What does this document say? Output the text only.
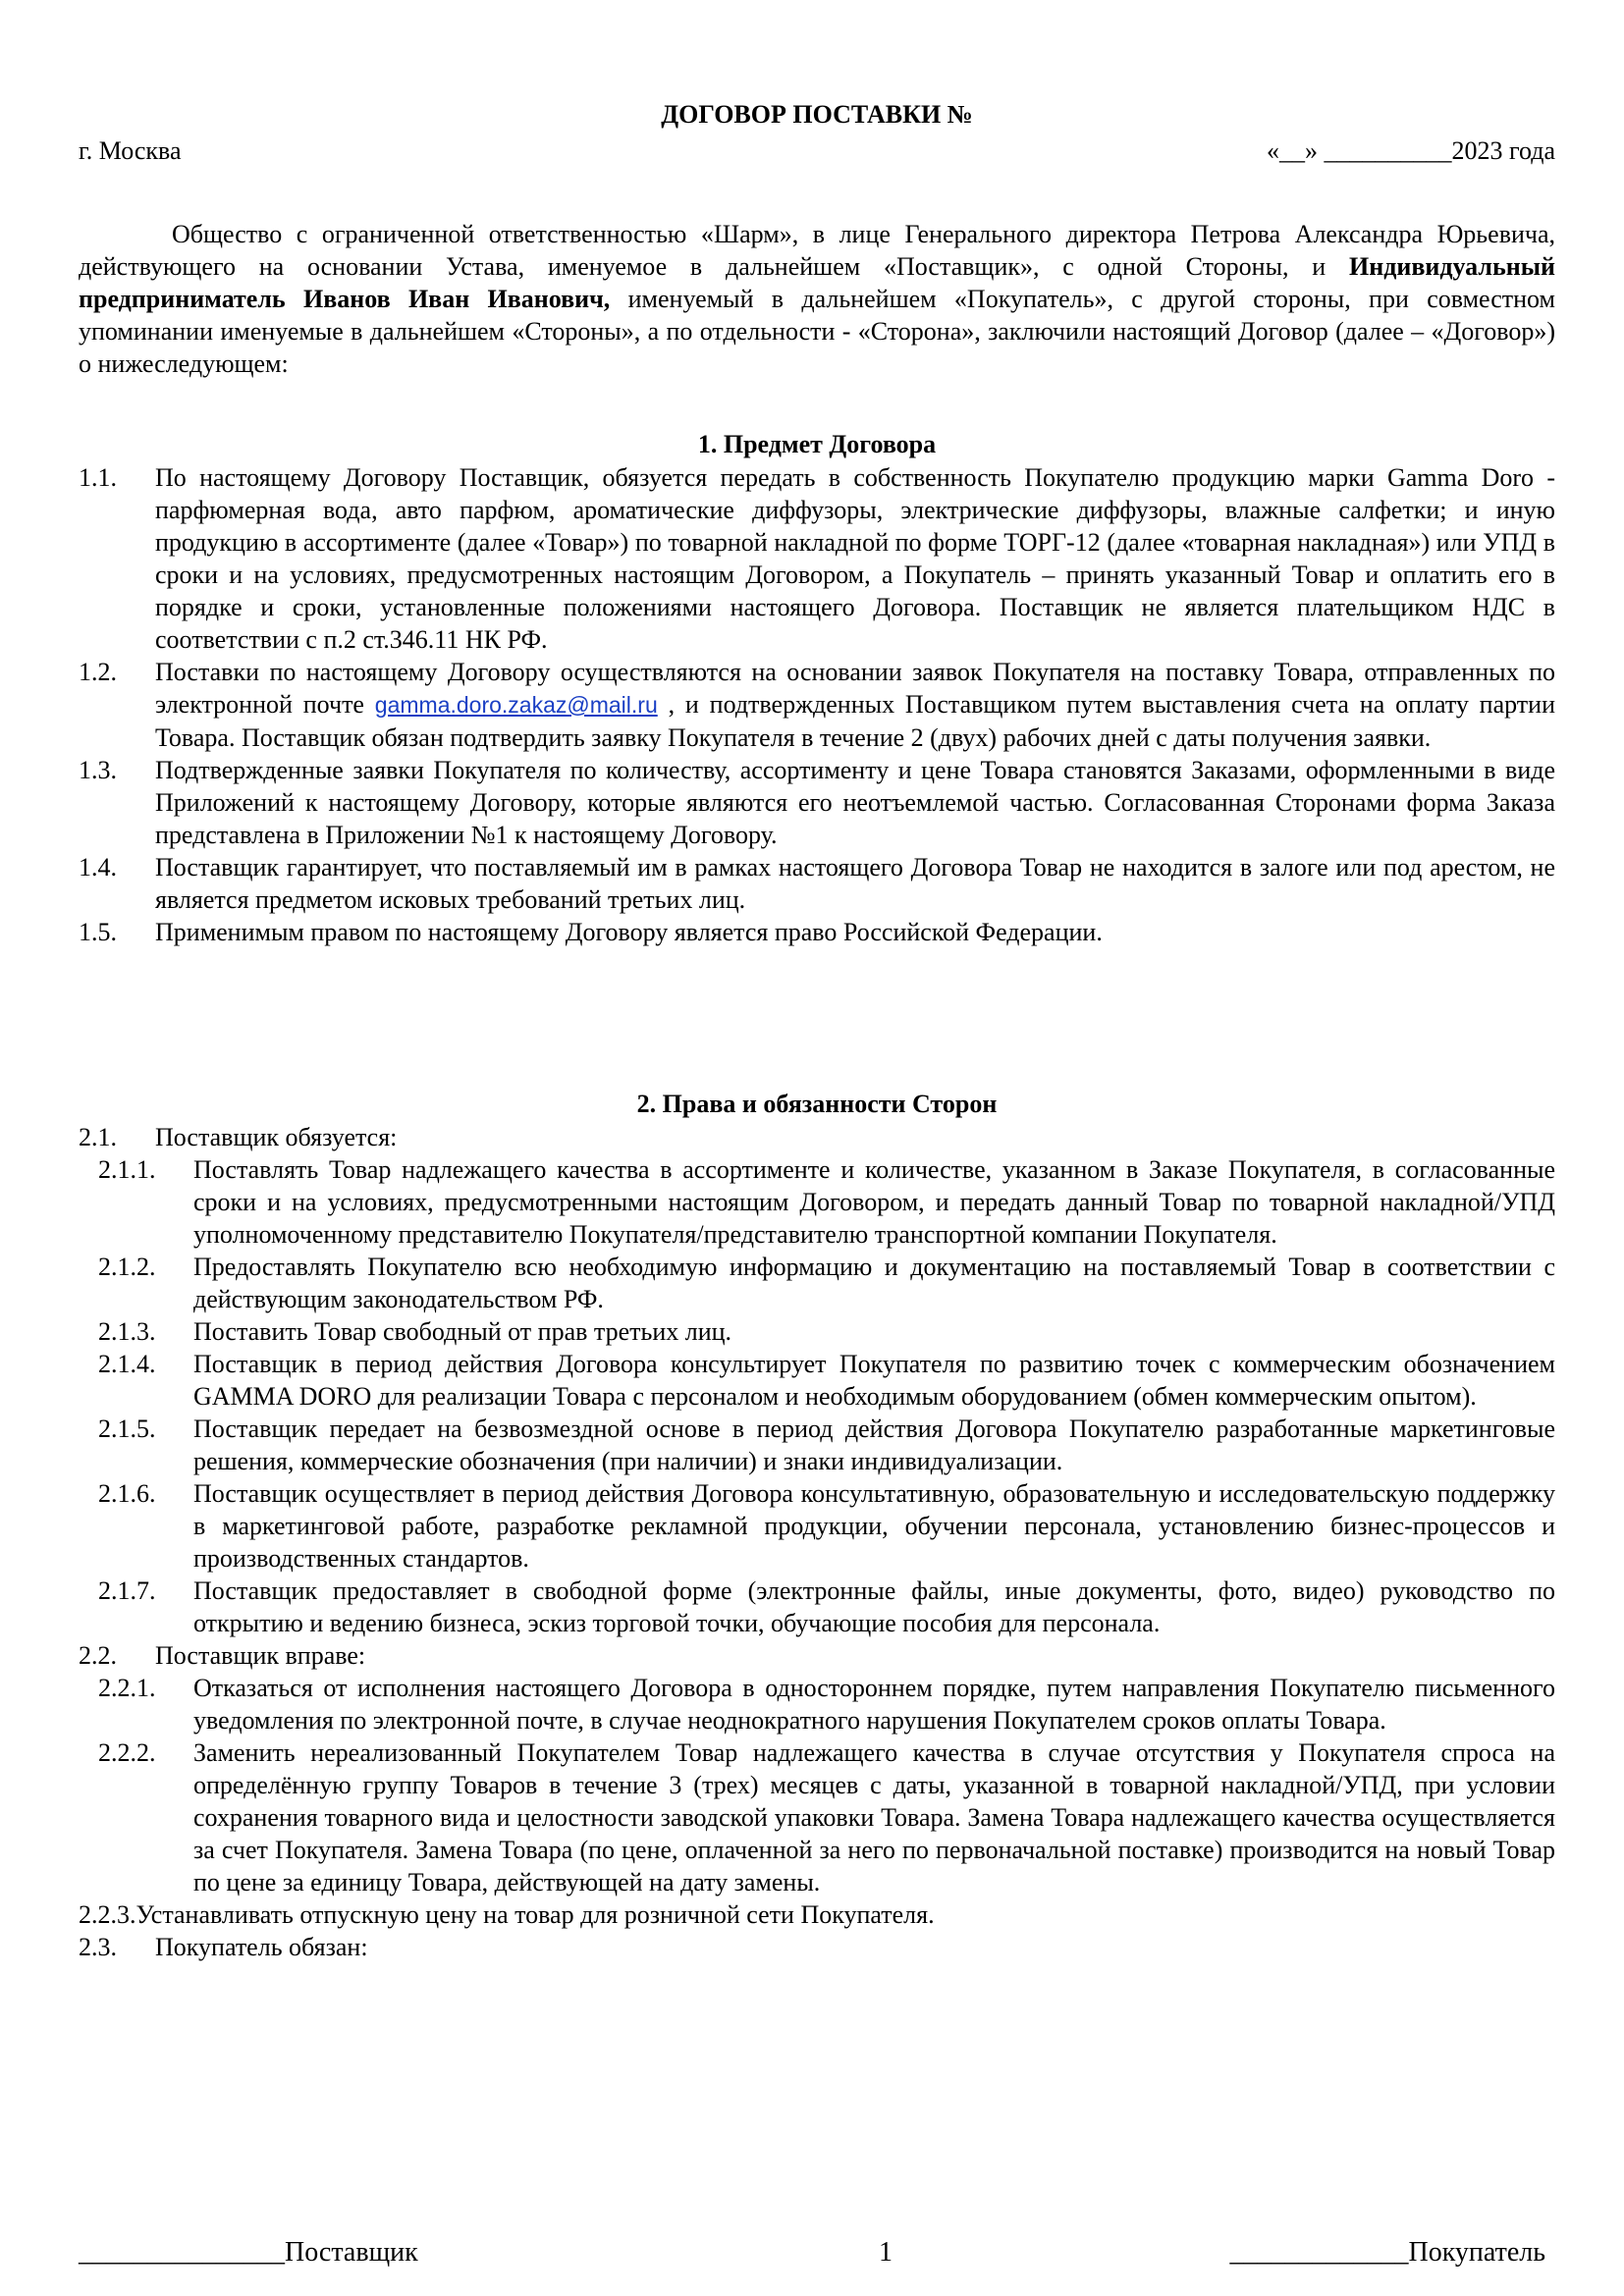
ДОГОВОР ПОСТАВКИ №
г. Москва	«__» __________2023 года
Общество с ограниченной ответственностью «Шарм», в лице Генерального директора Петрова Александра Юрьевича, действующего на основании Устава, именуемое в дальнейшем «Поставщик», с одной Стороны, и Индивидуальный предприниматель Иванов Иван Иванович, именуемый в дальнейшем «Покупатель», с другой стороны, при совместном упоминании именуемые в дальнейшем «Стороны», а по отдельности - «Сторона», заключили настоящий Договор (далее – «Договор») о нижеследующем:
1. Предмет Договора
1.1.	По настоящему Договору Поставщик, обязуется передать в собственность Покупателю продукцию марки Gamma Doro - парфюмерная вода, авто парфюм, ароматические диффузоры, электрические диффузоры, влажные салфетки; и иную продукцию в ассортименте (далее «Товар») по товарной накладной по форме ТОРГ-12 (далее «товарная накладная») или УПД в сроки и на условиях, предусмотренных настоящим Договором, а Покупатель – принять указанный Товар и оплатить его в порядке и сроки, установленные положениями настоящего Договора. Поставщик не является плательщиком НДС в соответствии с п.2 ст.346.11 НК РФ.
1.2.	Поставки по настоящему Договору осуществляются на основании заявок Покупателя на поставку Товара, отправленных по электронной почте gamma.doro.zakaz@mail.ru , и подтвержденных Поставщиком путем выставления счета на оплату партии Товара. Поставщик обязан подтвердить заявку Покупателя в течение 2 (двух) рабочих дней с даты получения заявки.
1.3.	Подтвержденные заявки Покупателя по количеству, ассортименту и цене Товара становятся Заказами, оформленными в виде Приложений к настоящему Договору, которые являются его неотъемлемой частью. Согласованная Сторонами форма Заказа представлена в Приложении №1 к настоящему Договору.
1.4.	Поставщик гарантирует, что поставляемый им в рамках настоящего Договора Товар не находится в залоге или под арестом, не является предметом исковых требований третьих лиц.
1.5.	Применимым правом по настоящему Договору является право Российской Федерации.
2. Права и обязанности Сторон
2.1.	Поставщик обязуется:
2.1.1.	Поставлять Товар надлежащего качества в ассортименте и количестве, указанном в Заказе Покупателя, в согласованные сроки и на условиях, предусмотренными настоящим Договором, и передать данный Товар по товарной накладной/УПД уполномоченному представителю Покупателя/представителю транспортной компании Покупателя.
2.1.2.	Предоставлять Покупателю всю необходимую информацию и документацию на поставляемый Товар в соответствии с действующим законодательством РФ.
2.1.3.	Поставить Товар свободный от прав третьих лиц.
2.1.4.	Поставщик в период действия Договора консультирует Покупателя по развитию точек с коммерческим обозначением GAMMA DORO для реализации Товара с персоналом и необходимым оборудованием (обмен коммерческим опытом).
2.1.5.	Поставщик передает на безвозмездной основе в период действия Договора Покупателю разработанные маркетинговые решения, коммерческие обозначения (при наличии) и знаки индивидуализации.
2.1.6.	Поставщик осуществляет в период действия Договора консультативную, образовательную и исследовательскую поддержку в маркетинговой работе, разработке рекламной продукции, обучении персонала, установлению бизнес-процессов и производственных стандартов.
2.1.7.	Поставщик предоставляет в свободной форме (электронные файлы, иные документы, фото, видео) руководство по открытию и ведению бизнеса, эскиз торговой точки, обучающие пособия для персонала.
2.2.	Поставщик вправе:
2.2.1.	Отказаться от исполнения настоящего Договора в одностороннем порядке, путем направления Покупателю письменного уведомления по электронной почте, в случае неоднократного нарушения Покупателем сроков оплаты Товара.
2.2.2.	Заменить нереализованный Покупателем Товар надлежащего качества в случае отсутствия у Покупателя спроса на определённую группу Товаров в течение 3 (трех) месяцев с даты, указанной в товарной накладной/УПД, при условии сохранения товарного вида и целостности заводской упаковки Товара. Замена Товара надлежащего качества осуществляется за счет Покупателя. Замена Товара (по цене, оплаченной за него по первоначальной поставке) производится на новый Товар по цене за единицу Товара, действующей на дату замены.
2.2.3. Устанавливать отпускную цену на товар для розничной сети Покупателя.
2.3.	Покупатель обязан:
_______________Поставщик	1	_____________Покупатель
